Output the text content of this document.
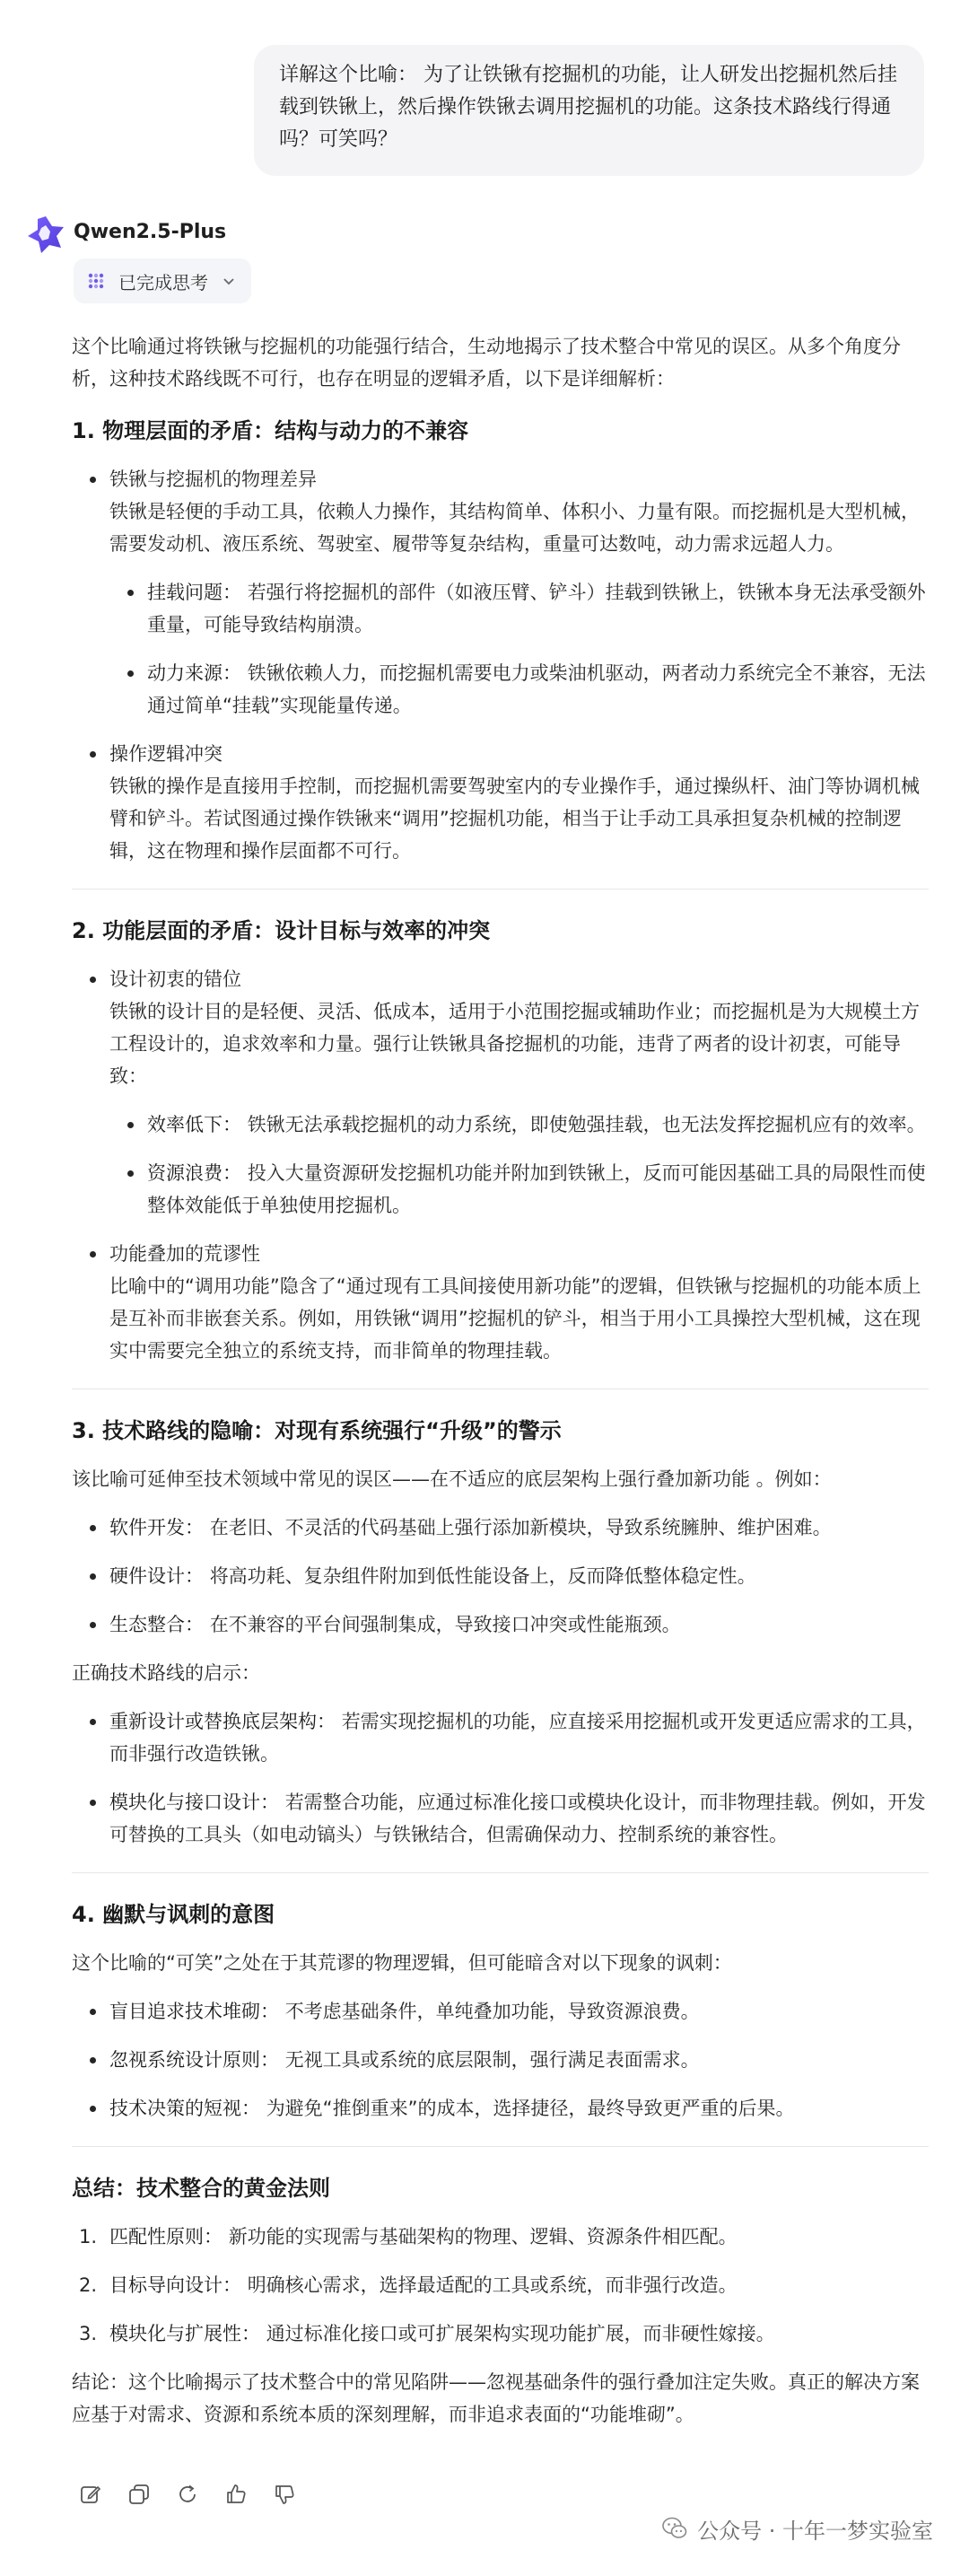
详解这个比喻： 为了让铁锹有挖掘机的功能，让人研发出挖掘机然后挂载到铁锹上，然后操作铁锹去调用挖掘机的功能。这条技术路线行得通吗？可笑吗？
Qwen2.5-Plus
已完成思考

这个比喻通过将铁锹与挖掘机的功能强行结合，生动地揭示了技术整合中常见的误区。从多个角度分析，这种技术路线既不可行，也存在明显的逻辑矛盾，以下是详细解析：

1. 物理层面的矛盾：结构与动力的不兼容
铁锹与挖掘机的物理差异
铁锹是轻便的手动工具，依赖人力操作，其结构简单、体积小、力量有限。而挖掘机是大型机械，需要发动机、液压系统、驾驶室、履带等复杂结构，重量可达数吨，动力需求远超人力。
挂载问题： 若强行将挖掘机的部件（如液压臂、铲斗）挂载到铁锹上，铁锹本身无法承受额外重量，可能导致结构崩溃。
动力来源： 铁锹依赖人力，而挖掘机需要电力或柴油机驱动，两者动力系统完全不兼容，无法通过简单“挂载”实现能量传递。
操作逻辑冲突
铁锹的操作是直接用手控制，而挖掘机需要驾驶室内的专业操作手，通过操纵杆、油门等协调机械臂和铲斗。若试图通过操作铁锹来“调用”挖掘机功能，相当于让手动工具承担复杂机械的控制逻辑，这在物理和操作层面都不可行。
2. 功能层面的矛盾：设计目标与效率的冲突
设计初衷的错位
铁锹的设计目的是轻便、灵活、低成本，适用于小范围挖掘或辅助作业；而挖掘机是为大规模土方工程设计的，追求效率和力量。强行让铁锹具备挖掘机的功能，违背了两者的设计初衷，可能导致：
效率低下： 铁锹无法承载挖掘机的动力系统，即使勉强挂载，也无法发挥挖掘机应有的效率。
资源浪费： 投入大量资源研发挖掘机功能并附加到铁锹上，反而可能因基础工具的局限性而使整体效能低于单独使用挖掘机。
功能叠加的荒谬性
比喻中的“调用功能”隐含了“通过现有工具间接使用新功能”的逻辑，但铁锹与挖掘机的功能本质上是互补而非嵌套关系。例如，用铁锹“调用”挖掘机的铲斗，相当于用小工具操控大型机械，这在现实中需要完全独立的系统支持，而非简单的物理挂载。
3. 技术路线的隐喻：对现有系统强行“升级”的警示

该比喻可延伸至技术领域中常见的误区——在不适应的底层架构上强行叠加新功能 。例如：

软件开发： 在老旧、不灵活的代码基础上强行添加新模块，导致系统臃肿、维护困难。
硬件设计： 将高功耗、复杂组件附加到低性能设备上，反而降低整体稳定性。
生态整合： 在不兼容的平台间强制集成，导致接口冲突或性能瓶颈。

正确技术路线的启示：

重新设计或替换底层架构： 若需实现挖掘机的功能，应直接采用挖掘机或开发更适应需求的工具，而非强行改造铁锹。
模块化与接口设计： 若需整合功能，应通过标准化接口或模块化设计，而非物理挂载。例如，开发可替换的工具头（如电动镐头）与铁锹结合，但需确保动力、控制系统的兼容性。
4. 幽默与讽刺的意图

这个比喻的“可笑”之处在于其荒谬的物理逻辑，但可能暗含对以下现象的讽刺：

盲目追求技术堆砌： 不考虑基础条件，单纯叠加功能，导致资源浪费。
忽视系统设计原则： 无视工具或系统的底层限制，强行满足表面需求。
技术决策的短视： 为避免“推倒重来”的成本，选择捷径，最终导致更严重的后果。
总结：技术整合的黄金法则
1. 匹配性原则： 新功能的实现需与基础架构的物理、逻辑、资源条件相匹配。
2. 目标导向设计： 明确核心需求，选择最适配的工具或系统，而非强行改造。
3. 模块化与扩展性： 通过标准化接口或可扩展架构实现功能扩展，而非硬性嫁接。

结论：这个比喻揭示了技术整合中的常见陷阱——忽视基础条件的强行叠加注定失败。真正的解决方案应基于对需求、资源和系统本质的深刻理解，而非追求表面的“功能堆砌”。

公众号 · 十年一梦实验室
